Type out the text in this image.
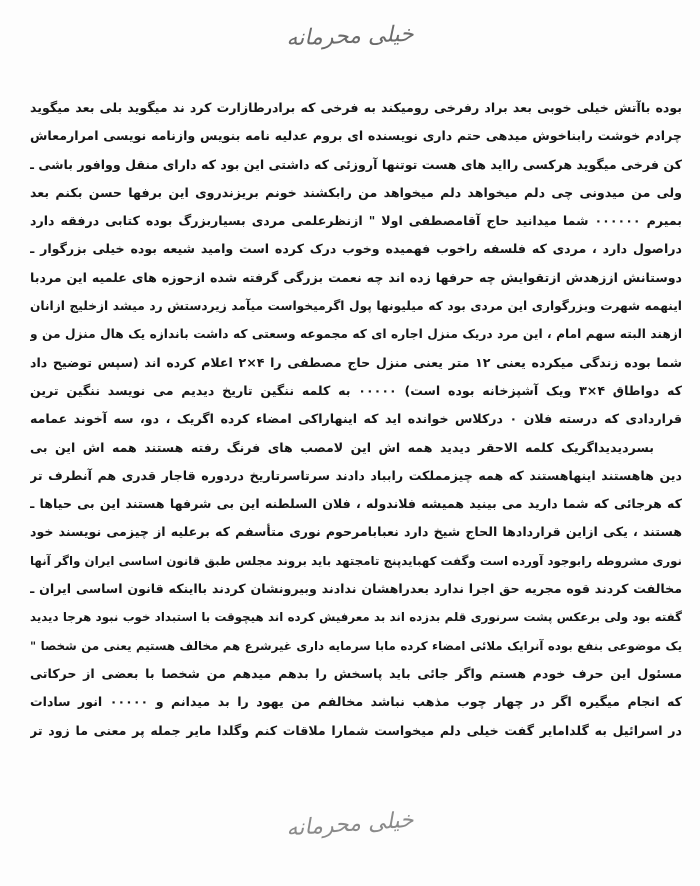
خیلی محرمانه
بوده باآتش خیلی خوبی بعد براد رفرخی رومیکند به فرخی که برادرطازارت کرد ند میگوید بلی بعد میگوید
چرادم خوشت رابناخوش میدهی حتم داری نویسنده ای بروم عدلیه نامه بنویس وازنامه نویسی امرارمعاش
کن فرخی میگوید هرکسی رااید های هست توتنها آروزئی که داشتی این بود که دارای منقل ووافور باشی ـ
ولی من میدونی چی دلم میخواهد دلم میخواهد من رابکشند خونم بریزندروی این برفها حسن بکنم بعد
بمیرم ۰۰۰۰۰۰ شما میدانید حاج آقامصطفی اولا " ازنظرعلمی مردی بسیاربزرگ بوده کتابی درفقه دارد
دراصول دارد ، مردی که فلسفه راخوب فهمیده وخوب درک کرده است وامید شیعه بوده خیلی بزرگوار ـ
دوستانش اززهدش ازتقوایش چه حرفها زده اند چه نعمت بزرگی گرفته شده ازحوزه های علمیه این مردبا
اینهمه شهرت وبزرگواری این مردی بود که میلیونها پول اگرمیخواست میآمد زیردستش رد میشد ازخلیج ازانان
ازهند البته سهم امام ، این مرد دریک منزل اجاره ای که مجموعه وسعتی که داشت باندازه یک هال منزل من و
شما بوده زندگی میکرده یعنی ۱۲ متر یعنی منزل حاج مصطفی را ۴×۲ اعلام کرده اند (سپس توضیح داد
که دواطاق ۴×۳ ویک آشپزخانه بوده است) ۰۰۰۰۰ به کلمه ننگین تاریخ دیدیم می نویسد ننگین ترین
قراردادی که درسته فلان ۰ درکلاس خوانده اید که اینهاراکی امضاء کرده اگریک ، دو، سه آخوند عمامه
بسردیدیداگریک کلمه الاحقر دیدید همه اش این لامصب های فرنگ رفته هستند همه اش این بی
دین هاهستند اینهاهستند که همه چیزمملکت رابباد دادند سرتاسرتاریخ دردوره قاجار قدری هم آنطرف تر
که هرجائی که شما دارید می بینید همیشه فلاندوله ، فلان السلطنه این بی شرفها هستند این بی حیاها ـ
هستند ، یکی ازاین قراردادها الحاج شیخ دارد نعبابامرحوم نوری متأسفم که برعلیه از چیزمی نویسند خود
نوری مشروطه رابوجود آورده است وگفت کهبایدپنج تامجتهد باید بروند مجلس طبق قانون اساسی ایران واگر آنها
مخالفت کردند قوه مجریه حق اجرا ندارد بعدراهشان ندادند وبیرونشان کردند بااینکه قانون اساسی ایران ـ
گفته بود ولی برعکس پشت سرنوری قلم بدزده اند بد معرفیش کرده اند هیچوقت با استبداد خوب نبود هرجا دیدید
یک موضوعی بنفع بوده آنرایک ملائی امضاء کرده مابا سرمایه داری غیرشرع هم مخالف هستیم یعنی من شخصا "
مسئول این حرف خودم هستم واگر جائی باید پاسخش را بدهم میدهم من شخصا با بعضی از حرکاتی
که انجام میگیره اگر در چهار چوب مذهب نباشد مخالفم من یهود را بد میدانم و ۰۰۰۰۰ انور سادات
در اسرائیل به گلدامایر گفت خیلی دلم میخواست شمارا ملاقات کنم وگلدا مایر جمله پر معنی ما زود تر
خیلی محرمانه
